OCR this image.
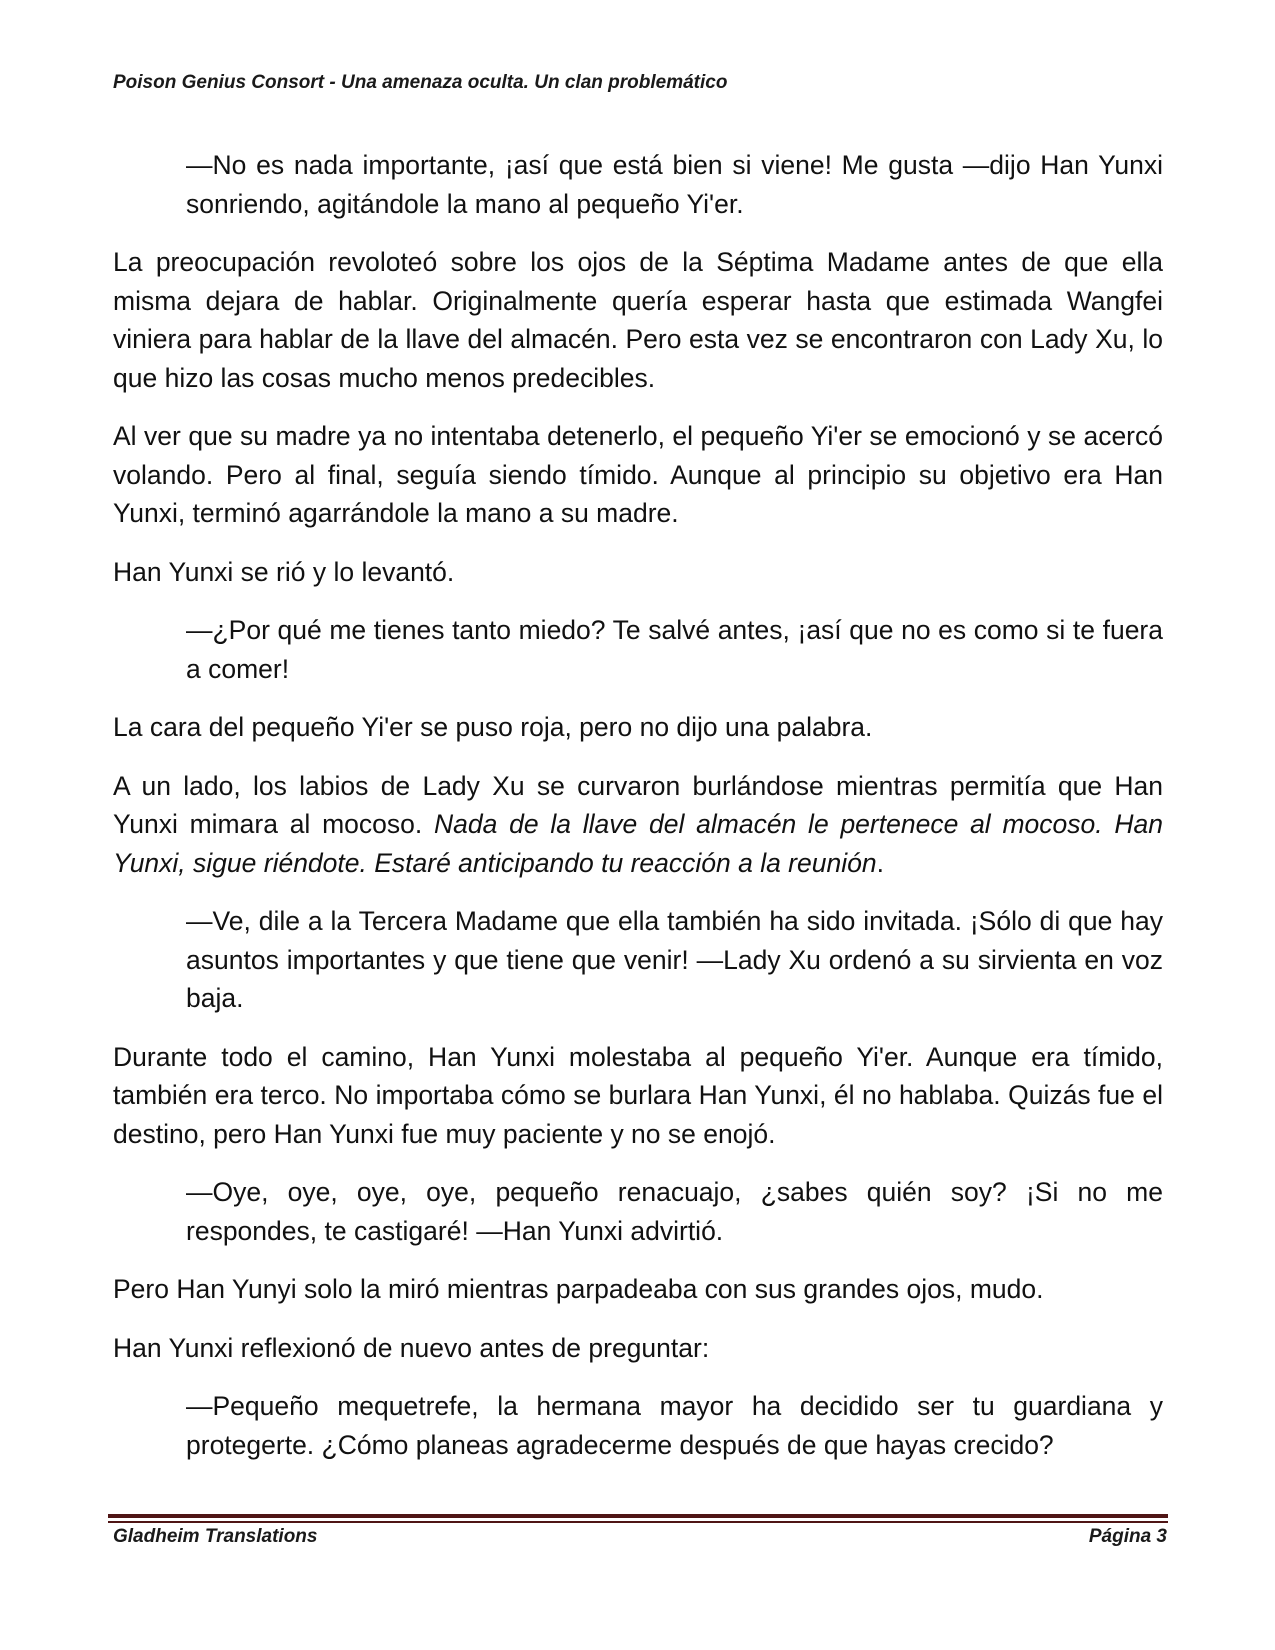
Poison Genius Consort - Una amenaza oculta. Un clan problemático

—No es nada importante, ¡así que está bien si viene! Me gusta —dijo Han Yunxi sonriendo, agitándole la mano al pequeño Yi'er.

La preocupación revoloteó sobre los ojos de la Séptima Madame antes de que ella misma dejara de hablar. Originalmente quería esperar hasta que estimada Wangfei viniera para hablar de la llave del almacén. Pero esta vez se encontraron con Lady Xu, lo que hizo las cosas mucho menos predecibles.

Al ver que su madre ya no intentaba detenerlo, el pequeño Yi'er se emocionó y se acercó volando. Pero al final, seguía siendo tímido. Aunque al principio su objetivo era Han Yunxi, terminó agarrándole la mano a su madre.

Han Yunxi se rió y lo levantó.

—¿Por qué me tienes tanto miedo? Te salvé antes, ¡así que no es como si te fuera a comer!

La cara del pequeño Yi'er se puso roja, pero no dijo una palabra.

A un lado, los labios de Lady Xu se curvaron burlándose mientras permitía que Han Yunxi mimara al mocoso. Nada de la llave del almacén le pertenece al mocoso. Han Yunxi, sigue riéndote. Estaré anticipando tu reacción a la reunión.

—Ve, dile a la Tercera Madame que ella también ha sido invitada. ¡Sólo di que hay asuntos importantes y que tiene que venir! —Lady Xu ordenó a su sirvienta en voz baja.

Durante todo el camino, Han Yunxi molestaba al pequeño Yi'er. Aunque era tímido, también era terco. No importaba cómo se burlara Han Yunxi, él no hablaba. Quizás fue el destino, pero Han Yunxi fue muy paciente y no se enojó.

—Oye, oye, oye, oye, pequeño renacuajo, ¿sabes quién soy? ¡Si no me respondes, te castigaré! —Han Yunxi advirtió.

Pero Han Yunyi solo la miró mientras parpadeaba con sus grandes ojos, mudo.

Han Yunxi reflexionó de nuevo antes de preguntar:

—Pequeño mequetrefe, la hermana mayor ha decidido ser tu guardiana y protegerte. ¿Cómo planeas agradecerme después de que hayas crecido?

Gladheim Translations	Página 3
